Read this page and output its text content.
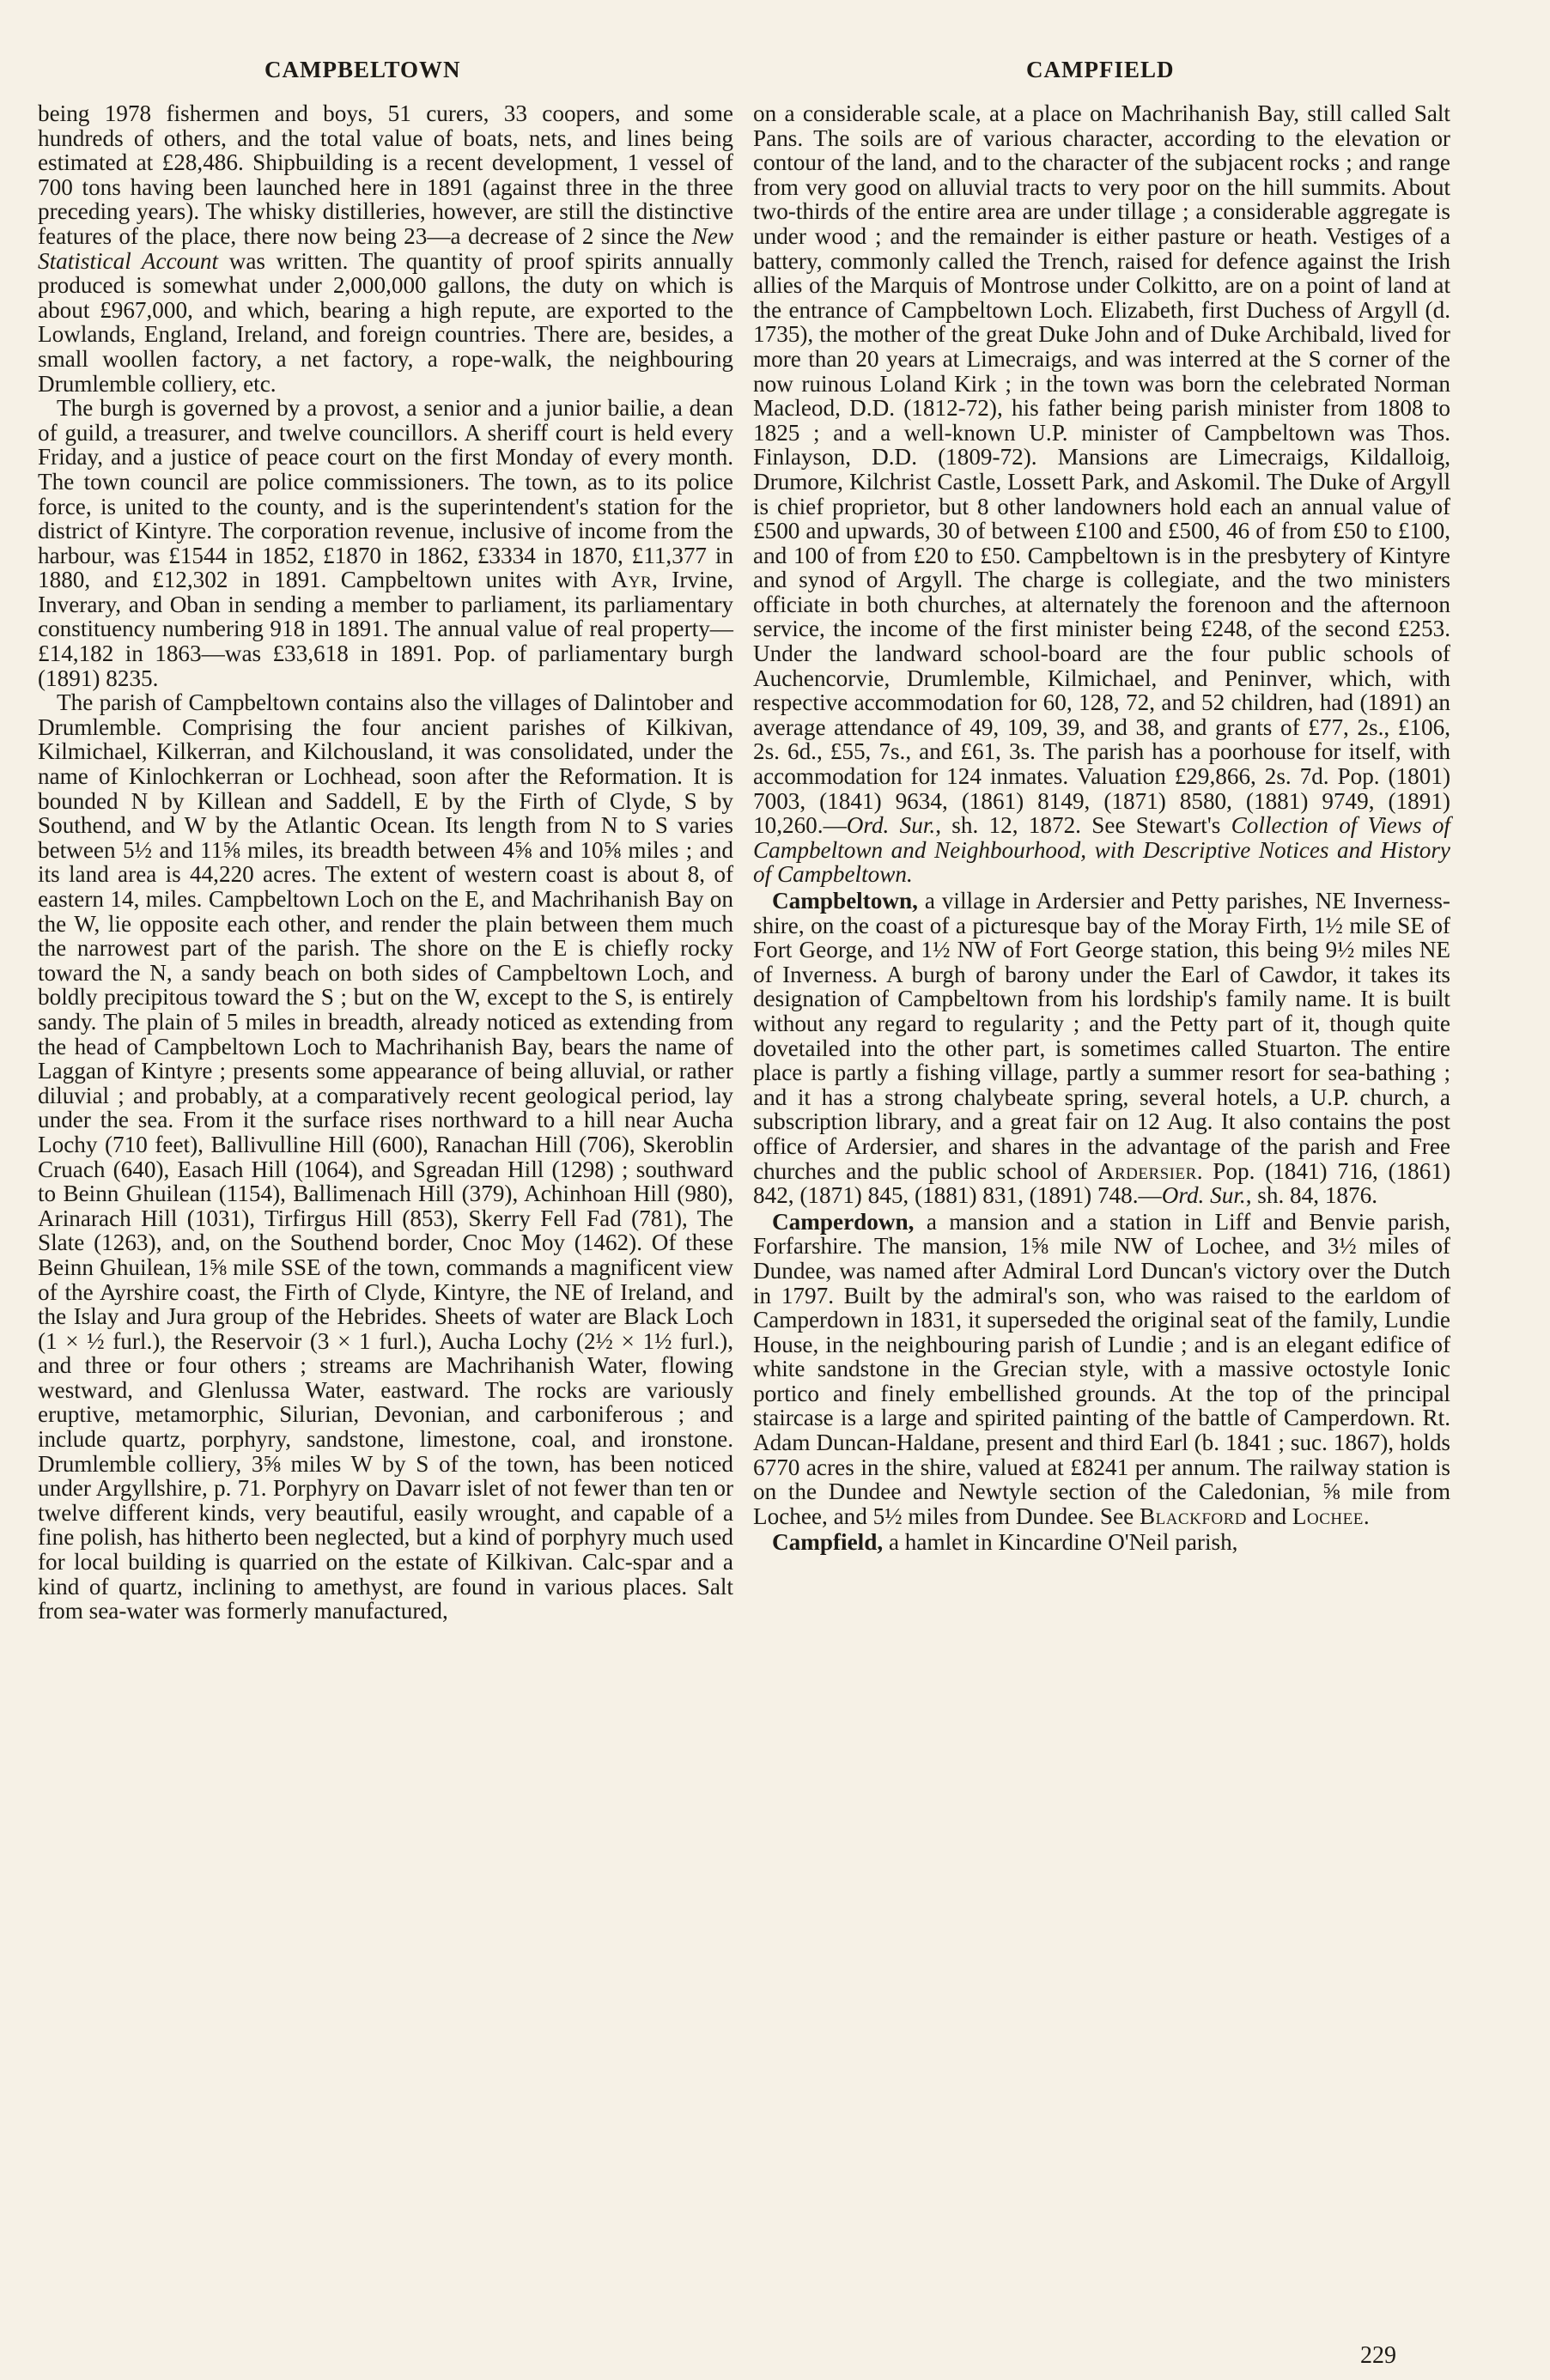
CAMPBELTOWN	CAMPFIELD

being 1978 fishermen and boys, 51 curers, 33 coopers, and some hundreds of others, and the total value of boats, nets, and lines being estimated at £28,486. Shipbuilding is a recent development, 1 vessel of 700 tons having been launched here in 1891 (against three in the three preceding years). The whisky distilleries, however, are still the distinctive features of the place, there now being 23—a decrease of 2 since the New Statistical Account was written. The quantity of proof spirits annually produced is somewhat under 2,000,000 gallons, the duty on which is about £967,000, and which, bearing a high repute, are exported to the Lowlands, England, Ireland, and foreign countries. There are, besides, a small woollen factory, a net factory, a rope-walk, the neighbouring Drumlemble colliery, etc.

The burgh is governed by a provost, a senior and a junior bailie, a dean of guild, a treasurer, and twelve councillors. A sheriff court is held every Friday, and a justice of peace court on the first Monday of every month. The town council are police commissioners. The town, as to its police force, is united to the county, and is the superintendent's station for the district of Kintyre. The corporation revenue, inclusive of income from the harbour, was £1544 in 1852, £1870 in 1862, £3334 in 1870, £11,377 in 1880, and £12,302 in 1891. Campbeltown unites with Ayr, Irvine, Inverary, and Oban in sending a member to parliament, its parliamentary constituency numbering 918 in 1891. The annual value of real property—£14,182 in 1863—was £33,618 in 1891. Pop. of parliamentary burgh (1891) 8235.

The parish of Campbeltown contains also the villages of Dalintober and Drumlemble. Comprising the four ancient parishes of Kilkivan, Kilmichael, Kilkerran, and Kilchousland, it was consolidated, under the name of Kinlochkerran or Lochhead, soon after the Reformation. It is bounded N by Killean and Saddell, E by the Firth of Clyde, S by Southend, and W by the Atlantic Ocean. Its length from N to S varies between 5½ and 11⅝ miles, its breadth between 4⅝ and 10⅝ miles ; and its land area is 44,220 acres. The extent of western coast is about 8, of eastern 14, miles. Campbeltown Loch on the E, and Machrihanish Bay on the W, lie opposite each other, and render the plain between them much the narrowest part of the parish. The shore on the E is chiefly rocky toward the N, a sandy beach on both sides of Campbeltown Loch, and boldly precipitous toward the S ; but on the W, except to the S, is entirely sandy. The plain of 5 miles in breadth, already noticed as extending from the head of Campbeltown Loch to Machrihanish Bay, bears the name of Laggan of Kintyre ; presents some appearance of being alluvial, or rather diluvial ; and probably, at a comparatively recent geological period, lay under the sea. From it the surface rises northward to a hill near Aucha Lochy (710 feet), Ballivulline Hill (600), Ranachan Hill (706), Skeroblin Cruach (640), Easach Hill (1064), and Sgreadan Hill (1298) ; southward to Beinn Ghuilean (1154), Ballimenach Hill (379), Achinhoan Hill (980), Arinarach Hill (1031), Tirfirgus Hill (853), Skerry Fell Fad (781), The Slate (1263), and, on the Southend border, Cnoc Moy (1462). Of these Beinn Ghuilean, 1⅝ mile SSE of the town, commands a magnificent view of the Ayrshire coast, the Firth of Clyde, Kintyre, the NE of Ireland, and the Islay and Jura group of the Hebrides. Sheets of water are Black Loch (1 × ½ furl.), the Reservoir (3 × 1 furl.), Aucha Lochy (2½ × 1½ furl.), and three or four others ; streams are Machrihanish Water, flowing westward, and Glenlussa Water, eastward. The rocks are variously eruptive, metamorphic, Silurian, Devonian, and carboniferous ; and include quartz, porphyry, sandstone, limestone, coal, and ironstone. Drumlemble colliery, 3⅝ miles W by S of the town, has been noticed under Argyllshire, p. 71. Porphyry on Davarr islet of not fewer than ten or twelve different kinds, very beautiful, easily wrought, and capable of a fine polish, has hitherto been neglected, but a kind of porphyry much used for local building is quarried on the estate of Kilkivan. Calc-spar and a kind of quartz, inclining to amethyst, are found in various places. Salt from sea-water was formerly manufactured,

on a considerable scale, at a place on Machrihanish Bay, still called Salt Pans. The soils are of various character, according to the elevation or contour of the land, and to the character of the subjacent rocks ; and range from very good on alluvial tracts to very poor on the hill summits. About two-thirds of the entire area are under tillage ; a considerable aggregate is under wood ; and the remainder is either pasture or heath. Vestiges of a battery, commonly called the Trench, raised for defence against the Irish allies of the Marquis of Montrose under Colkitto, are on a point of land at the entrance of Campbeltown Loch. Elizabeth, first Duchess of Argyll (d. 1735), the mother of the great Duke John and of Duke Archibald, lived for more than 20 years at Limecraigs, and was interred at the S corner of the now ruinous Loland Kirk ; in the town was born the celebrated Norman Macleod, D.D. (1812-72), his father being parish minister from 1808 to 1825 ; and a well-known U.P. minister of Campbeltown was Thos. Finlayson, D.D. (1809-72). Mansions are Limecraigs, Kildalloig, Drumore, Kilchrist Castle, Lossett Park, and Askomil. The Duke of Argyll is chief proprietor, but 8 other landowners hold each an annual value of £500 and upwards, 30 of between £100 and £500, 46 of from £50 to £100, and 100 of from £20 to £50. Campbeltown is in the presbytery of Kintyre and synod of Argyll. The charge is collegiate, and the two ministers officiate in both churches, at alternately the forenoon and the afternoon service, the income of the first minister being £248, of the second £253. Under the landward school-board are the four public schools of Auchencorvie, Drumlemble, Kilmichael, and Peninver, which, with respective accommodation for 60, 128, 72, and 52 children, had (1891) an average attendance of 49, 109, 39, and 38, and grants of £77, 2s., £106, 2s. 6d., £55, 7s., and £61, 3s. The parish has a poorhouse for itself, with accommodation for 124 inmates. Valuation £29,866, 2s. 7d. Pop. (1801) 7003, (1841) 9634, (1861) 8149, (1871) 8580, (1881) 9749, (1891) 10,260.—Ord. Sur., sh. 12, 1872. See Stewart's Collection of Views of Campbeltown and Neighbourhood, with Descriptive Notices and History of Campbeltown.

Campbeltown, a village in Ardersier and Petty parishes, NE Inverness-shire, on the coast of a picturesque bay of the Moray Firth, 1½ mile SE of Fort George, and 1½ NW of Fort George station, this being 9½ miles NE of Inverness. A burgh of barony under the Earl of Cawdor, it takes its designation of Campbeltown from his lordship's family name. It is built without any regard to regularity ; and the Petty part of it, though quite dovetailed into the other part, is sometimes called Stuarton. The entire place is partly a fishing village, partly a summer resort for sea-bathing ; and it has a strong chalybeate spring, several hotels, a U.P. church, a subscription library, and a great fair on 12 Aug. It also contains the post office of Ardersier, and shares in the advantage of the parish and Free churches and the public school of Ardersier. Pop. (1841) 716, (1861) 842, (1871) 845, (1881) 831, (1891) 748.—Ord. Sur., sh. 84, 1876.

Camperdown, a mansion and a station in Liff and Benvie parish, Forfarshire. The mansion, 1⅝ mile NW of Lochee, and 3½ miles of Dundee, was named after Admiral Lord Duncan's victory over the Dutch in 1797. Built by the admiral's son, who was raised to the earldom of Camperdown in 1831, it superseded the original seat of the family, Lundie House, in the neighbouring parish of Lundie ; and is an elegant edifice of white sandstone in the Grecian style, with a massive octostyle Ionic portico and finely embellished grounds. At the top of the principal staircase is a large and spirited painting of the battle of Camperdown. Rt. Adam Duncan-Haldane, present and third Earl (b. 1841 ; suc. 1867), holds 6770 acres in the shire, valued at £8241 per annum. The railway station is on the Dundee and Newtyle section of the Caledonian, ⅝ mile from Lochee, and 5½ miles from Dundee. See Blackford and Lochee.

Campfield, a hamlet in Kincardine O'Neil parish,

229
